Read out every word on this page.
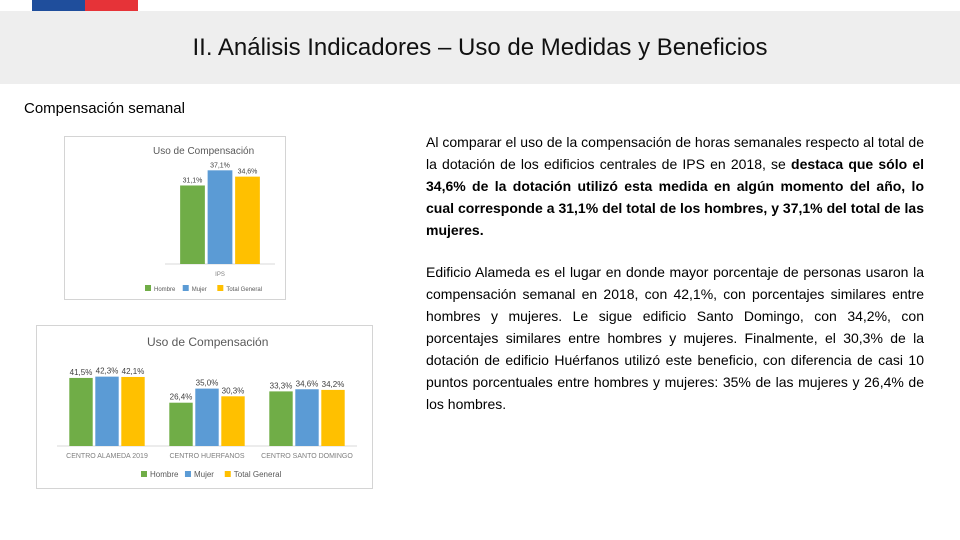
II. Análisis Indicadores – Uso de Medidas y Beneficios
Compensación semanal

Al comparar el uso de la compensación de horas semanales respecto al total de la dotación de los edificios centrales de IPS en 2018, se destaca que sólo el 34,6% de la dotación utilizó esta medida en algún momento del año, lo cual corresponde a 31,1% del total de los hombres, y 37,1% del total de las mujeres.

Edificio Alameda es el lugar en donde mayor porcentaje de personas usaron la compensación semanal en 2018, con 42,1%, con porcentajes similares entre hombres y mujeres. Le sigue edificio Santo Domingo, con 34,2%, con porcentajes similares entre hombres y mujeres. Finalmente, el 30,3% de la dotación de edificio Huérfanos utilizó este beneficio, con diferencia de casi 10 puntos porcentuales entre hombres y mujeres: 35% de las mujeres y 26,4% de los hombres.

Uso de Compensación
31,1%
37,1%
34,6%
IPS
Hombre	Mujer	Total General
Uso de Compensación
41,5% 42,3% 42,1%
CENTRO ALAMEDA 2019
26,4%
35,0%
30,3%
CENTRO HUERFANOS
33,3% 34,6% 34,2%
CENTRO SANTO DOMINGO
Hombre Mujer Total General
